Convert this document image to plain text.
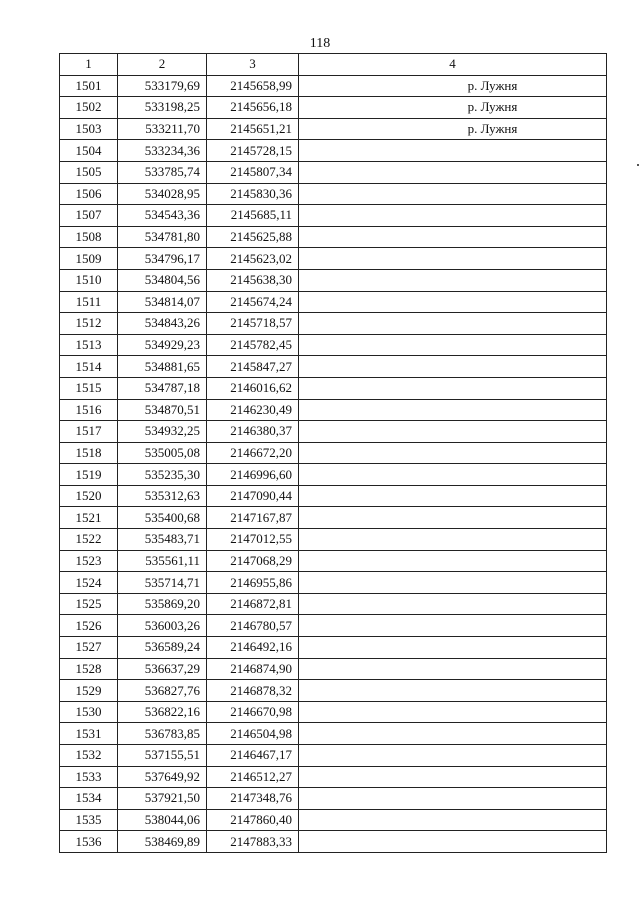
118
1	2	3	4
1501	533179,69	2145658,99	р. Лужня
1502	533198,25	2145656,18	р. Лужня
1503	533211,70	2145651,21	р. Лужня
1504	533234,36	2145728,15	
1505	533785,74	2145807,34	
1506	534028,95	2145830,36	
1507	534543,36	2145685,11	
1508	534781,80	2145625,88	
1509	534796,17	2145623,02	
1510	534804,56	2145638,30	
1511	534814,07	2145674,24	
1512	534843,26	2145718,57	
1513	534929,23	2145782,45	
1514	534881,65	2145847,27	
1515	534787,18	2146016,62	
1516	534870,51	2146230,49	
1517	534932,25	2146380,37	
1518	535005,08	2146672,20	
1519	535235,30	2146996,60	
1520	535312,63	2147090,44	
1521	535400,68	2147167,87	
1522	535483,71	2147012,55	
1523	535561,11	2147068,29	
1524	535714,71	2146955,86	
1525	535869,20	2146872,81	
1526	536003,26	2146780,57	
1527	536589,24	2146492,16	
1528	536637,29	2146874,90	
1529	536827,76	2146878,32	
1530	536822,16	2146670,98	
1531	536783,85	2146504,98	
1532	537155,51	2146467,17	
1533	537649,92	2146512,27	
1534	537921,50	2147348,76	
1535	538044,06	2147860,40	
1536	538469,89	2147883,33	
